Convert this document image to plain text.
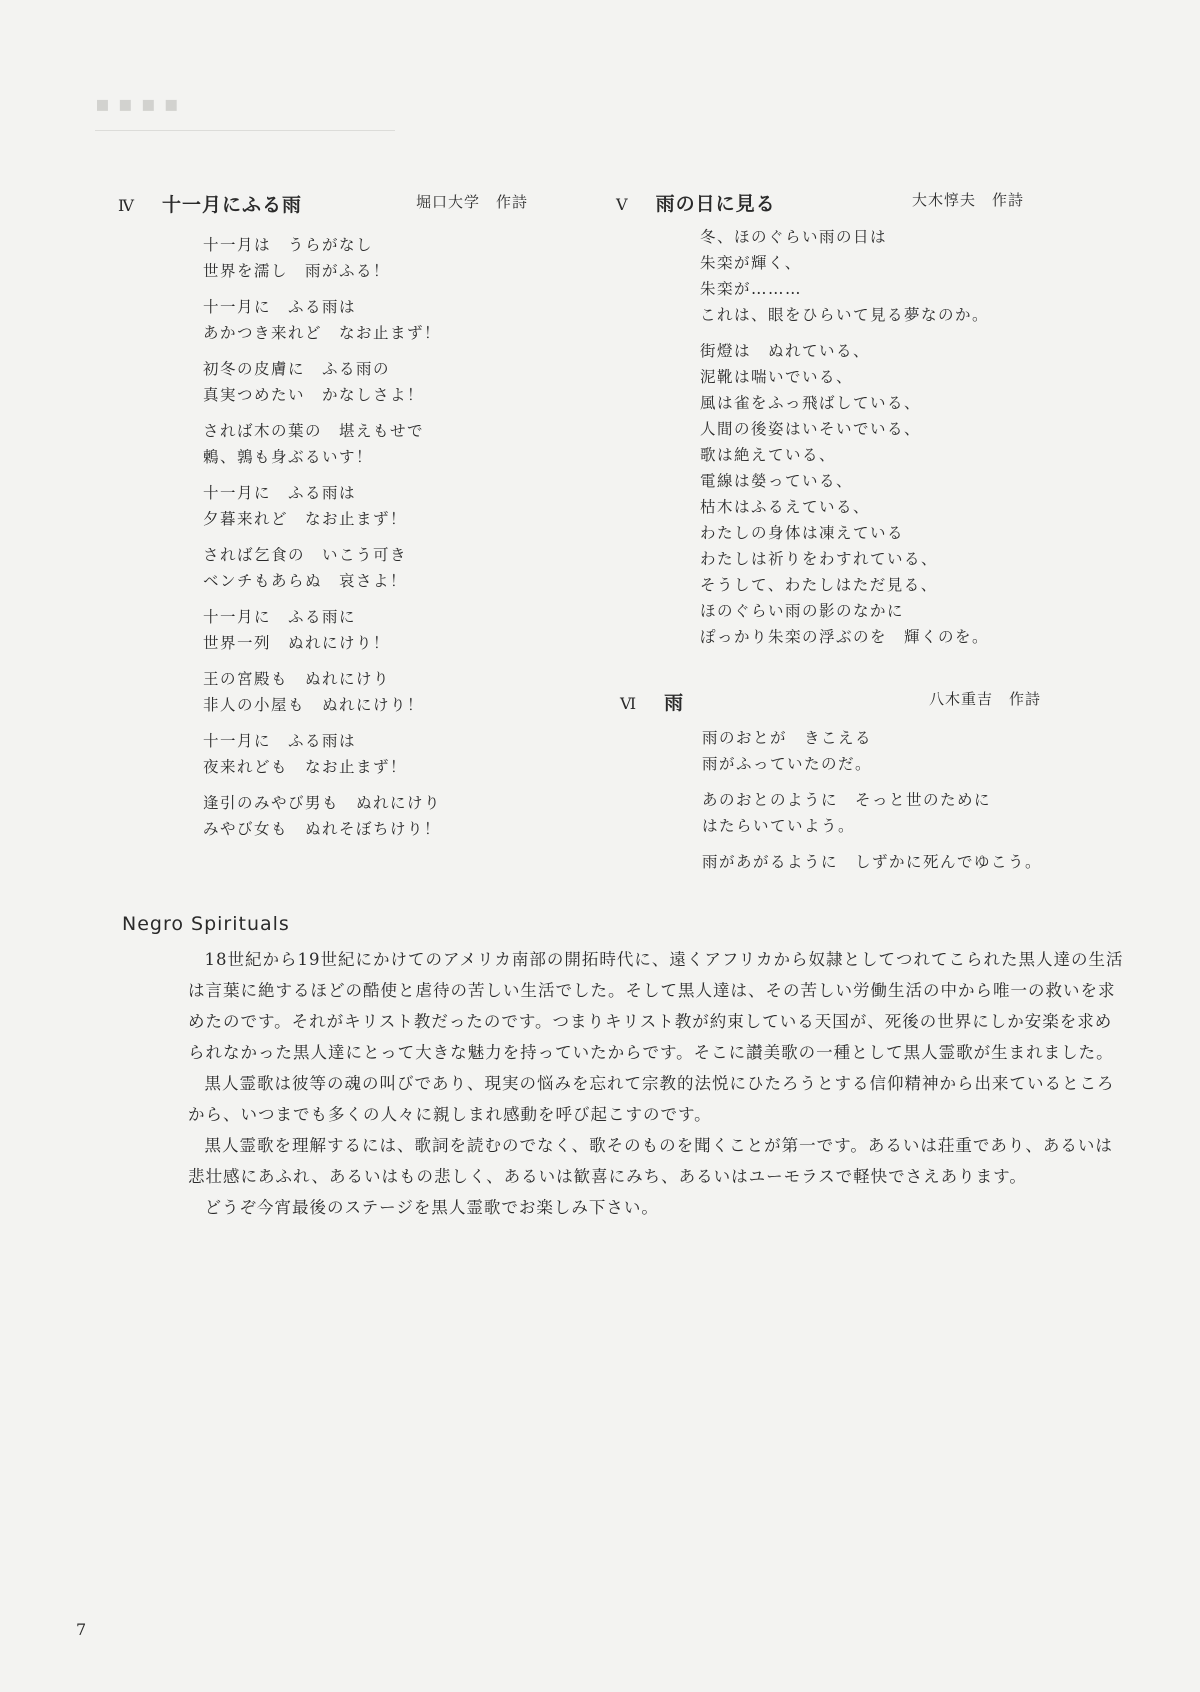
▪▪▪▪
Ⅳ 十一月にふる雨	堀口大学　作詩
十一月は　うらがなし
世界を濡し　雨がふる！
十一月に　ふる雨は
あかつき来れど　なお止まず！
初冬の皮膚に　ふる雨の
真実つめたい　かなしさよ！
されば木の葉の　堪えもせで
鶫、鶉も身ぶるいす！
十一月に　ふる雨は
夕暮来れど　なお止まず！
されば乞食の　いこう可き
ベンチもあらぬ　哀さよ！
十一月に　ふる雨に
世界一列　ぬれにけり！
王の宮殿も　ぬれにけり
非人の小屋も　ぬれにけり！
十一月に　ふる雨は
夜来れども　なお止まず！
逢引のみやび男も　ぬれにけり
みやび女も　ぬれそぼちけり！
Ⅴ 雨の日に見る	大木惇夫　作詩
冬、ほのぐらい雨の日は
朱栾が輝く、
朱栾が………
これは、眼をひらいて見る夢なのか。
街燈は　ぬれている、
泥靴は喘いでいる、
風は雀をふっ飛ばしている、
人間の後姿はいそいでいる、
歌は絶えている、
電線は嫈っている、
枯木はふるえている、
わたしの身体は凍えている
わたしは祈りをわすれている、
そうして、わたしはただ見る、
ほのぐらい雨の影のなかに
ぽっかり朱栾の浮ぶのを　輝くのを。
Ⅵ 雨	八木重吉　作詩
雨のおとが　きこえる
雨がふっていたのだ。
あのおとのように　そっと世のために
はたらいていよう。
雨があがるように　しずかに死んでゆこう。
Negro Spirituals

18世紀から19世紀にかけてのアメリカ南部の開拓時代に、遠くアフリカから奴隷としてつれてこられた黒人達の生活は言葉に絶するほどの酷使と虐待の苦しい生活でした。そして黒人達は、その苦しい労働生活の中から唯一の救いを求めたのです。それがキリスト教だったのです。つまりキリスト教が約束している天国が、死後の世界にしか安楽を求められなかった黒人達にとって大きな魅力を持っていたからです。そこに讃美歌の一種として黒人霊歌が生まれました。

黒人霊歌は彼等の魂の叫びであり、現実の悩みを忘れて宗教的法悦にひたろうとする信仰精神から出来ているところから、いつまでも多くの人々に親しまれ感動を呼び起こすのです。

黒人霊歌を理解するには、歌詞を読むのでなく、歌そのものを聞くことが第一です。あるいは荘重であり、あるいは悲壮感にあふれ、あるいはもの悲しく、あるいは歓喜にみち、あるいはユーモラスで軽快でさえあります。

どうぞ今宵最後のステージを黒人霊歌でお楽しみ下さい。

7
